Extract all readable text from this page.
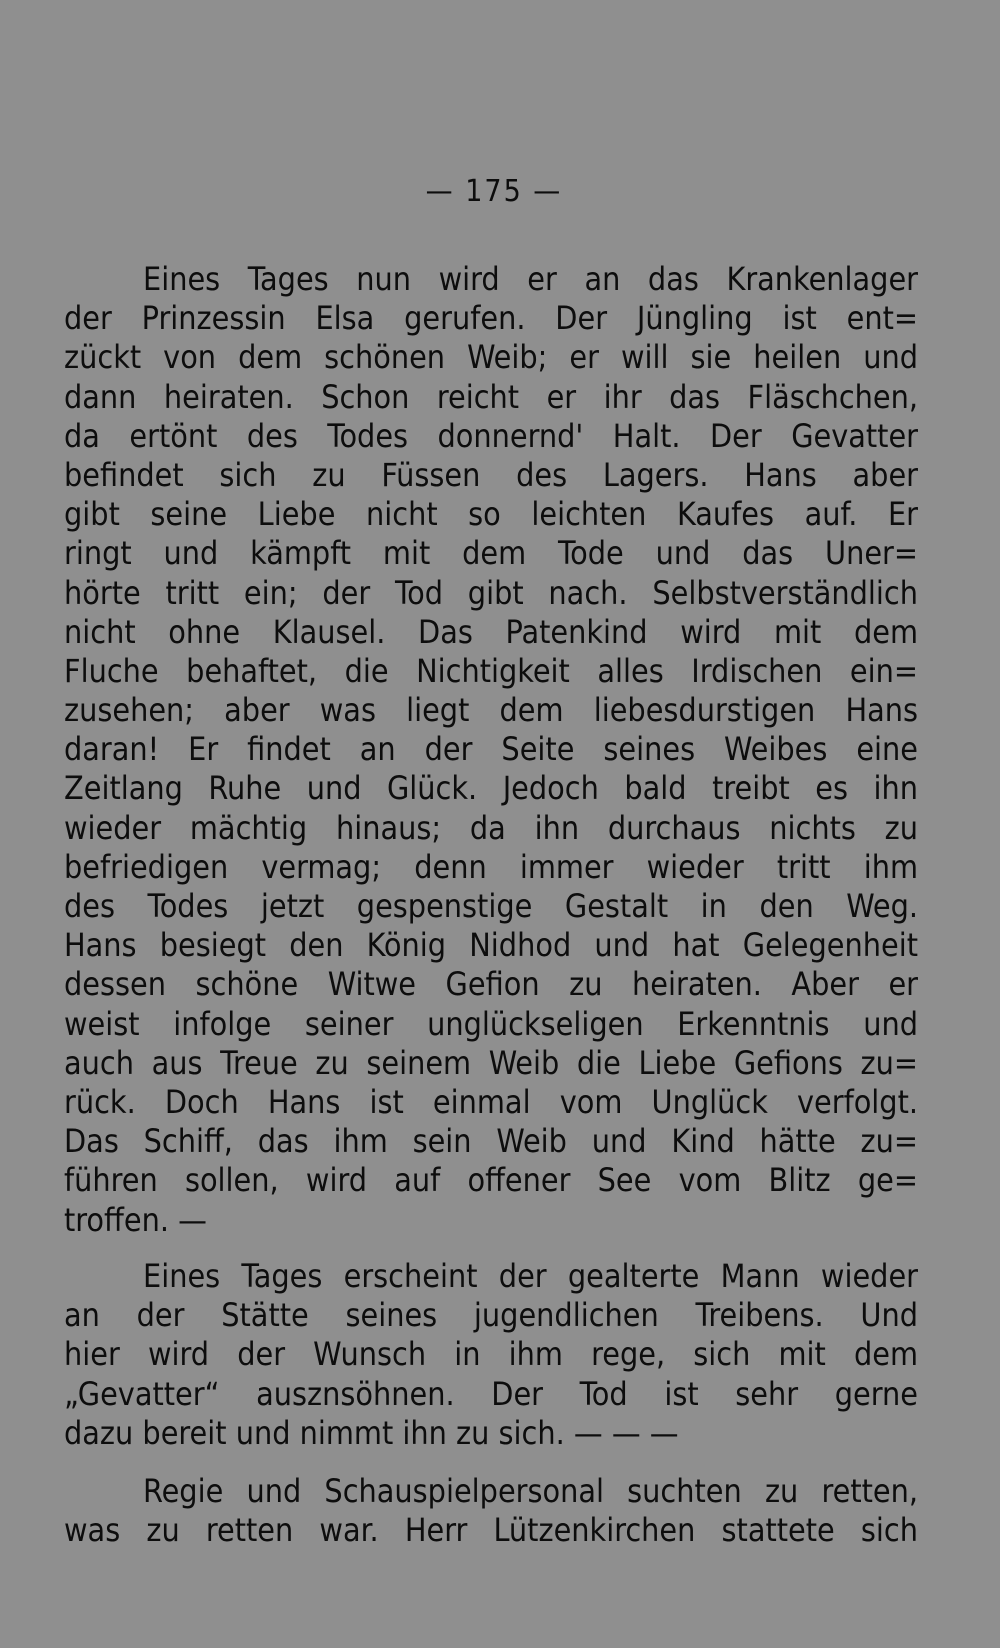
— 175 —
Eines Tages nun wird er an das Krankenlager
der Prinzessin Elsa gerufen. Der Jüngling ist ent=
zückt von dem schönen Weib; er will sie heilen und
dann heiraten. Schon reicht er ihr das Fläschchen,
da ertönt des Todes donnernd' Halt. Der Gevatter
befindet sich zu Füssen des Lagers. Hans aber
gibt seine Liebe nicht so leichten Kaufes auf. Er
ringt und kämpft mit dem Tode und das Uner=
hörte tritt ein; der Tod gibt nach. Selbstverständlich
nicht ohne Klausel. Das Patenkind wird mit dem
Fluche behaftet, die Nichtigkeit alles Irdischen ein=
zusehen; aber was liegt dem liebesdurstigen Hans
daran! Er findet an der Seite seines Weibes eine
Zeitlang Ruhe und Glück. Jedoch bald treibt es ihn
wieder mächtig hinaus; da ihn durchaus nichts zu
befriedigen vermag; denn immer wieder tritt ihm
des Todes jetzt gespenstige Gestalt in den Weg.
Hans besiegt den König Nidhod und hat Gelegenheit
dessen schöne Witwe Gefion zu heiraten. Aber er
weist infolge seiner unglückseligen Erkenntnis und
auch aus Treue zu seinem Weib die Liebe Gefions zu=
rück. Doch Hans ist einmal vom Unglück verfolgt.
Das Schiff, das ihm sein Weib und Kind hätte zu=
führen sollen, wird auf offener See vom Blitz ge=
troffen. —
Eines Tages erscheint der gealterte Mann wieder
an der Stätte seines jugendlichen Treibens. Und
hier wird der Wunsch in ihm rege, sich mit dem
„Gevatter“ ausznsöhnen. Der Tod ist sehr gerne
dazu bereit und nimmt ihn zu sich. — — —
Regie und Schauspielpersonal suchten zu retten,
was zu retten war. Herr Lützenkirchen stattete sich
